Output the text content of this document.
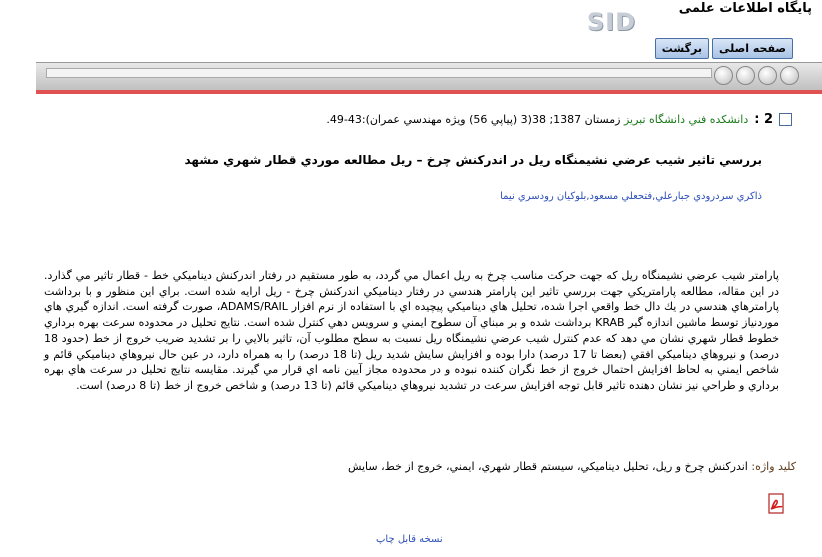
پایگاه اطلاعات علمی
SID
صفحه اصلی
برگشت
2 :
دانشکده فني دانشگاه تبريز زمستان 1387; 38(3 (پياپي 56) ويژه مهندسي عمران):43-49.
بررسي تاثير شيب عرضي نشيمنگاه ريل در اندركنش چرخ – ريل مطالعه موردي قطار شهري مشهد
ذاكري سردرودي جبارعلي,فتحعلي مسعود,بلوكيان رودسري نيما
پارامتر شيب عرضي نشيمنگاه ريل كه جهت حركت مناسب چرخ به ريل اعمال مي گردد، به طور مستقيم در رفتار اندركنش ديناميكي خط - قطار تاثير مي گذارد. در اين مقاله، مطالعه پارامتريكي جهت بررسي تاثير اين پارامتر هندسي در رفتار ديناميكي اندركنش چرخ - ريل ارايه شده است. براي اين منظور و با برداشت پارامترهاي هندسي در يك دال خط واقعي اجرا شده، تحليل هاي ديناميكي پيچيده اي با استفاده از نرم افزار ADAMS/RAIL، صورت گرفته است. اندازه گيري هاي موردنياز توسط ماشين اندازه گير KRAB برداشت شده و بر مبناي آن سطوح ايمني و سرويس دهي كنترل شده است. نتايج تحليل در محدوده سرعت بهره برداري خطوط قطار شهري نشان مي دهد كه عدم كنترل شيب عرضي نشيمنگاه ريل نسبت به سطح مطلوب آن، تاثير بالايي را بر تشديد ضريب خروج از خط (حدود 18 درصد) و نيروهاي ديناميكي افقي (بعضا تا 17 درصد) دارا بوده و افزايش سايش شديد ريل (تا 18 درصد) را به همراه دارد، در عين حال نيروهاي ديناميكي قائم و شاخص ايمني به لحاظ افزايش احتمال خروج از خط نگران كننده نبوده و در محدوده مجاز آيين نامه اي قرار مي گيرند. مقايسه نتايج تحليل در سرعت هاي بهره برداري و طراحي نيز نشان دهنده تاثير قابل توجه افزايش سرعت در تشديد نيروهاي ديناميكي قائم (تا 13 درصد) و شاخص خروج از خط (تا 8 درصد) است.
كليد واژه: اندركنش چرخ و ريل، تحليل ديناميكي، سيستم قطار شهري، ايمني، خروج از خط، سايش
نسخه قابل چاپ
